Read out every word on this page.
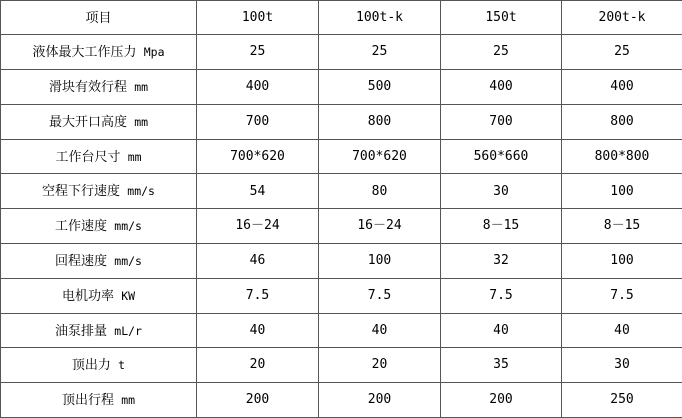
项目	100t	100t-k	150t	200t-k
液体最大工作压力 Mpa	25	25	25	25
滑块有效行程 mm	400	500	400	400
最大开口高度 mm	700	800	700	800
工作台尺寸 mm	700*620	700*620	560*660	800*800
空程下行速度 mm/s	54	80	30	100
工作速度 mm/s	16－24	16－24	8－15	8－15
回程速度 mm/s	46	100	32	100
电机功率 KW	7.5	7.5	7.5	7.5
油泵排量 mL/r	40	40	40	40
顶出力 t	20	20	35	30
顶出行程 mm	200	200	200	250
